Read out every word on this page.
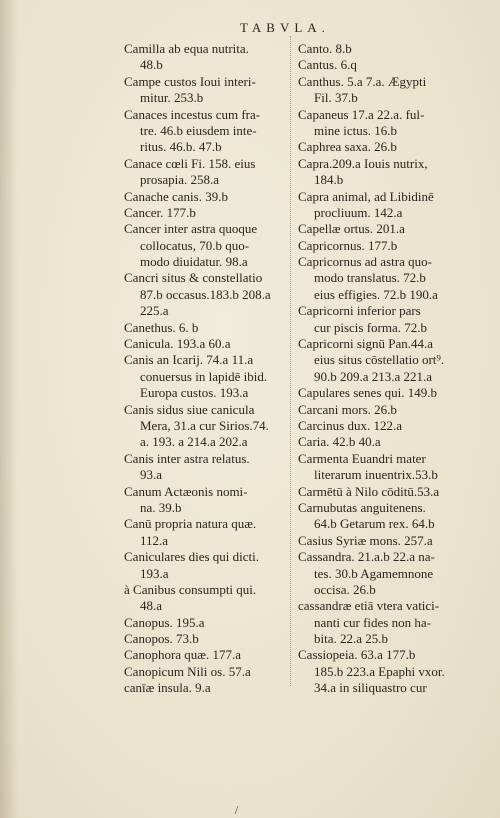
TABVLA.
Camilla ab equa nutrita.
48.b
Campe custos Ioui interi-
mitur. 253.b
Canaces incestus cum fra-
tre. 46.b eiusdem inte-
ritus. 46.b. 47.b
Canace cœli Fi. 158. eius
prosapia. 258.a
Canache canis. 39.b
Cancer. 177.b
Cancer inter astra quoque
collocatus, 70.b quo-
modo diuidatur. 98.a
Cancri situs & constellatio
87.b occasus.183.b 208.a
225.a
Canethus. 6. b
Canicula. 193.a 60.a
Canis an Icarij. 74.a 11.a
conuersus in lapidē ibid.
Europa custos. 193.a
Canis sidus siue canicula
Mera, 31.a cur Sirios.74.
a. 193. a 214.a 202.a
Canis inter astra relatus.
93.a
Canum Actæonis nomi-
na. 39.b
Canū propria natura quæ.
112.a
Caniculares dies qui dicti.
193.a
à Canibus consumpti qui.
48.a
Canopus. 195.a
Canopos. 73.b
Canophora quæ. 177.a
Canopicum Nili os. 57.a
canīæ insula. 9.a
Canto. 8.b
Cantus. 6.q
Canthus. 5.a 7.a. Ægypti
Fil. 37.b
Capaneus 17.a 22.a. ful-
mine ictus. 16.b
Caphrea saxa. 26.b
Capra.209.a Iouis nutrix,
184.b
Capra animal, ad Libidinē
procliuum. 142.a
Capellæ ortus. 201.a
Capricornus. 177.b
Capricornus ad astra quo-
modo translatus. 72.b
eius effigies. 72.b 190.a
Capricorni inferior pars
cur piscis forma. 72.b
Capricorni signū Pan.44.a
eius situs cōstellatio ort⁹.
90.b 209.a 213.a 221.a
Capulares senes qui. 149.b
Carcani mors. 26.b
Carcinus dux. 122.a
Caria. 42.b 40.a
Carmenta Euandri mater
literarum inuentrix.53.b
Carmētū à Nilo cōditū.53.a
Carnubutas anguitenens.
64.b Getarum rex. 64.b
Casius Syriæ mons. 257.a
Cassandra. 21.a.b 22.a na-
tes. 30.b Agamemnone
occisa. 26.b
cassandræ etiā vtera vatici-
nanti cur fides non ha-
bita. 22.a 25.b
Cassiopeia. 63.a 177.b
185.b 223.a Epaphi vxor.
34.a in siliquastro cur
